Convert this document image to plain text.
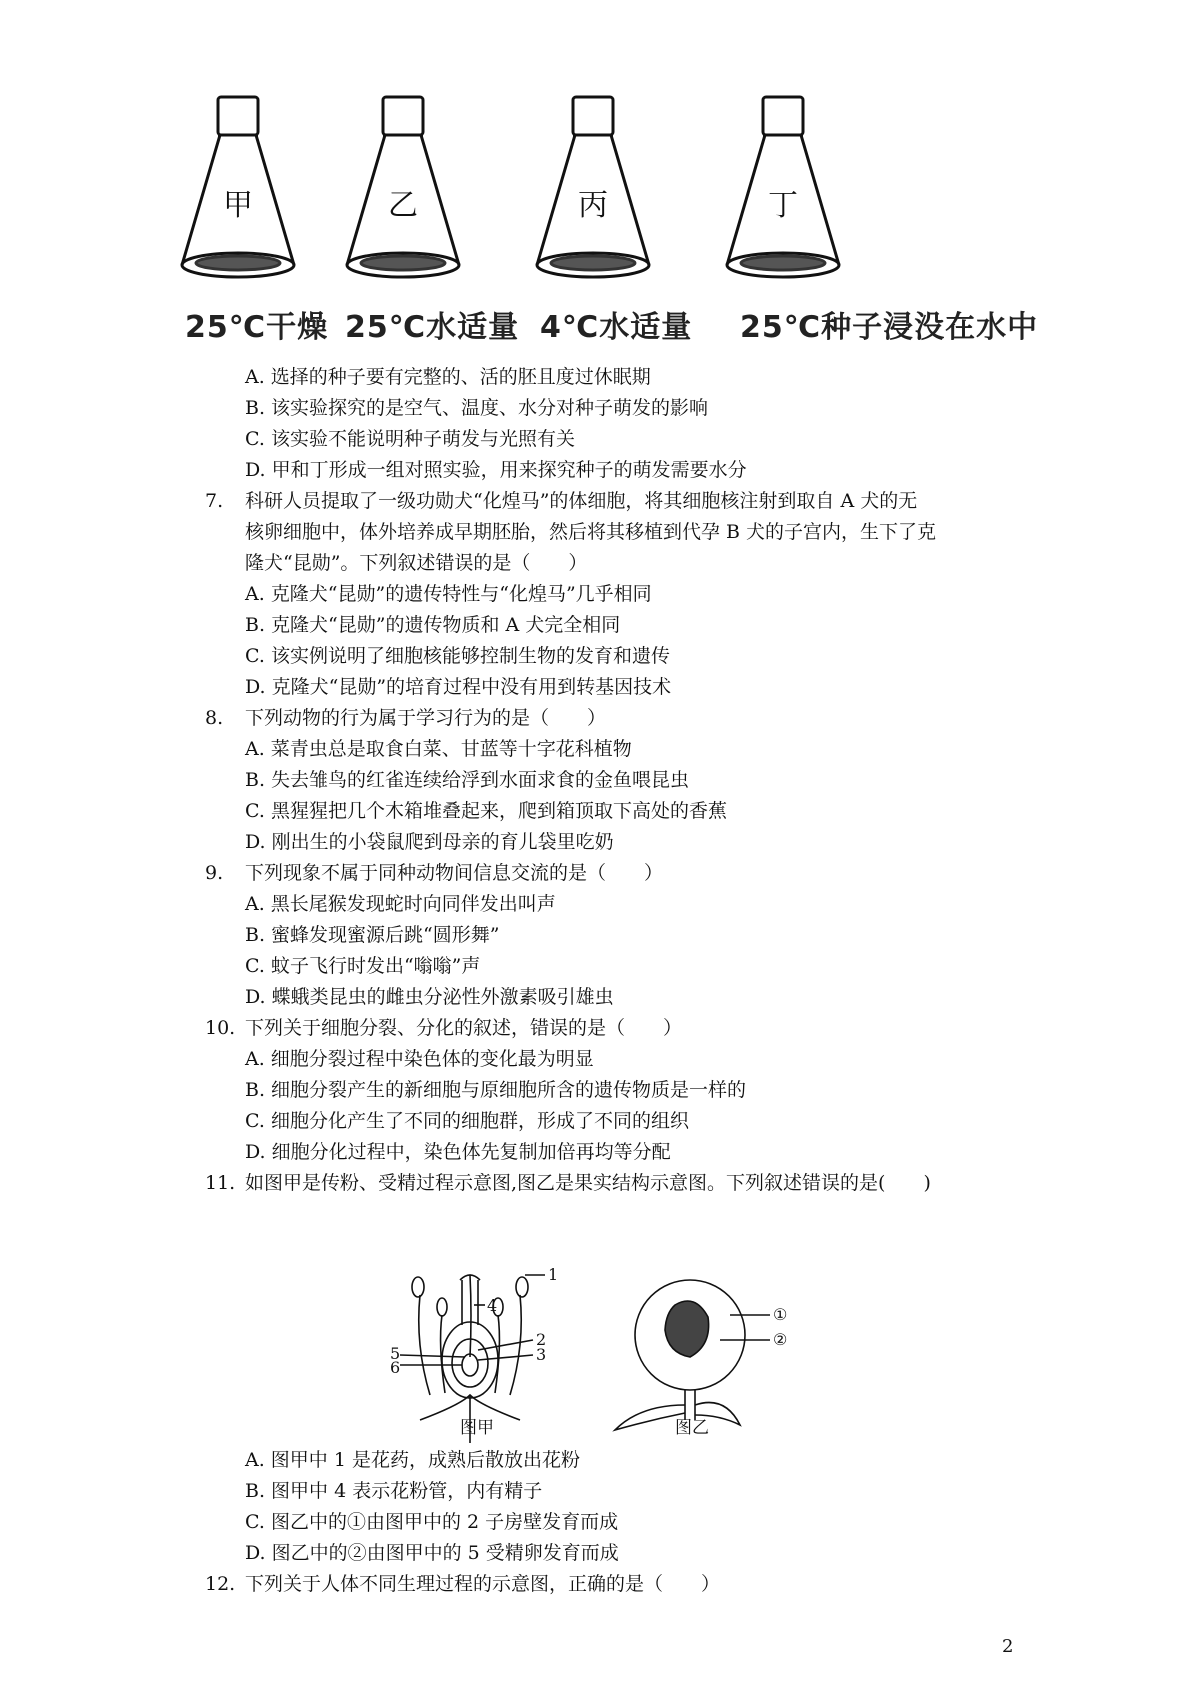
甲	乙	丙	丁
25℃干燥 25℃水适量 4℃水适量 25℃种子浸没在水中
A. 选择的种子要有完整的、活的胚且度过休眠期
B. 该实验探究的是空气、温度、水分对种子萌发的影响
C. 该实验不能说明种子萌发与光照有关
D. 甲和丁形成一组对照实验，用来探究种子的萌发需要水分
7. 科研人员提取了一级功勋犬“化煌马”的体细胞，将其细胞核注射到取自 A 犬的无
核卵细胞中，体外培养成早期胚胎，然后将其移植到代孕 B 犬的子宫内，生下了克
隆犬“昆勋”。下列叙述错误的是（　　）
A. 克隆犬“昆勋”的遗传特性与“化煌马”几乎相同
B. 克隆犬“昆勋”的遗传物质和 A 犬完全相同
C. 该实例说明了细胞核能够控制生物的发育和遗传
D. 克隆犬“昆勋”的培育过程中没有用到转基因技术
8. 下列动物的行为属于学习行为的是（　　）
A. 菜青虫总是取食白菜、甘蓝等十字花科植物
B. 失去雏鸟的红雀连续给浮到水面求食的金鱼喂昆虫
C. 黑猩猩把几个木箱堆叠起来，爬到箱顶取下高处的香蕉
D. 刚出生的小袋鼠爬到母亲的育儿袋里吃奶
9. 下列现象不属于同种动物间信息交流的是（　　）
A. 黑长尾猴发现蛇时向同伴发出叫声
B. 蜜蜂发现蜜源后跳“圆形舞”
C. 蚊子飞行时发出“嗡嗡”声
D. 蝶蛾类昆虫的雌虫分泌性外激素吸引雄虫
10. 下列关于细胞分裂、分化的叙述，错误的是（　　）
A. 细胞分裂过程中染色体的变化最为明显
B. 细胞分裂产生的新细胞与原细胞所含的遗传物质是一样的
C. 细胞分化产生了不同的细胞群，形成了不同的组织
D. 细胞分化过程中，染色体先复制加倍再均等分配
11. 如图甲是传粉、受精过程示意图,图乙是果实结构示意图。下列叙述错误的是(　　)
1
4
2
3
5
6
①
②
图甲	图乙
A. 图甲中 1 是花药，成熟后散放出花粉
B. 图甲中 4 表示花粉管，内有精子
C. 图乙中的①由图甲中的 2 子房壁发育而成
D. 图乙中的②由图甲中的 5 受精卵发育而成
12. 下列关于人体不同生理过程的示意图，正确的是（　　）
2
